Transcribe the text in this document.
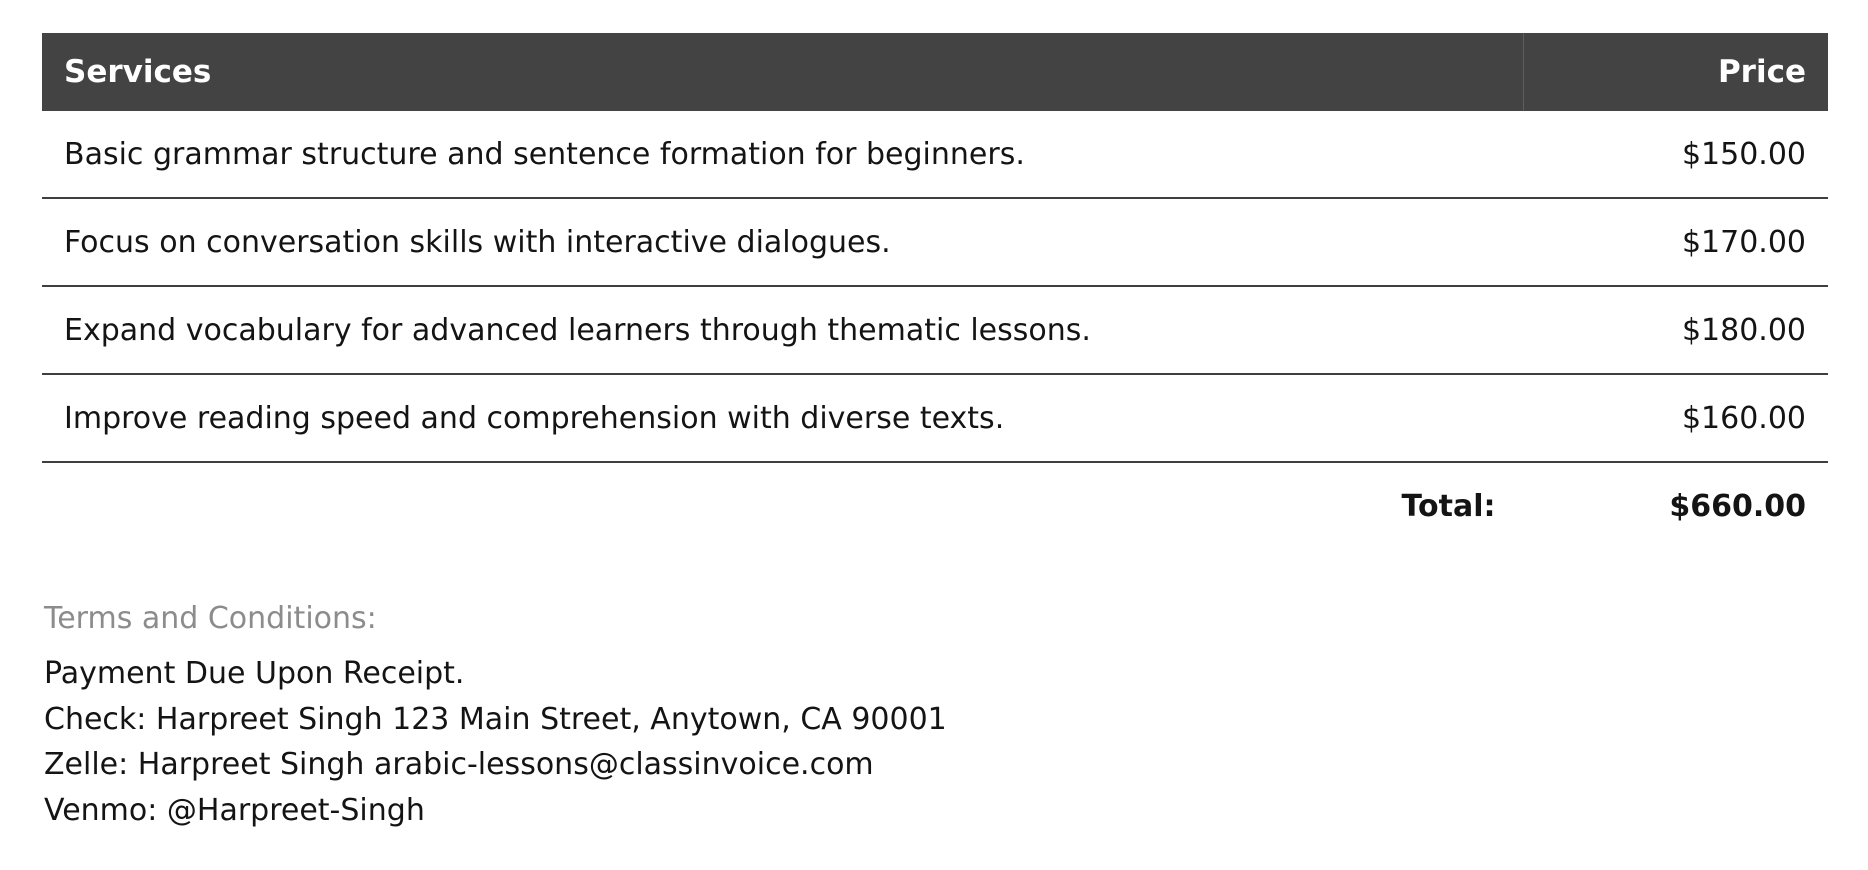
Services	Price
Basic grammar structure and sentence formation for beginners.	$150.00
Focus on conversation skills with interactive dialogues.	$170.00
Expand vocabulary for advanced learners through thematic lessons.	$180.00
Improve reading speed and comprehension with diverse texts.	$160.00
Total:	$660.00
Terms and Conditions:
Payment Due Upon Receipt.
Check: Harpreet Singh 123 Main Street, Anytown, CA 90001
Zelle: Harpreet Singh arabic-lessons@classinvoice.com
Venmo: @Harpreet-Singh
